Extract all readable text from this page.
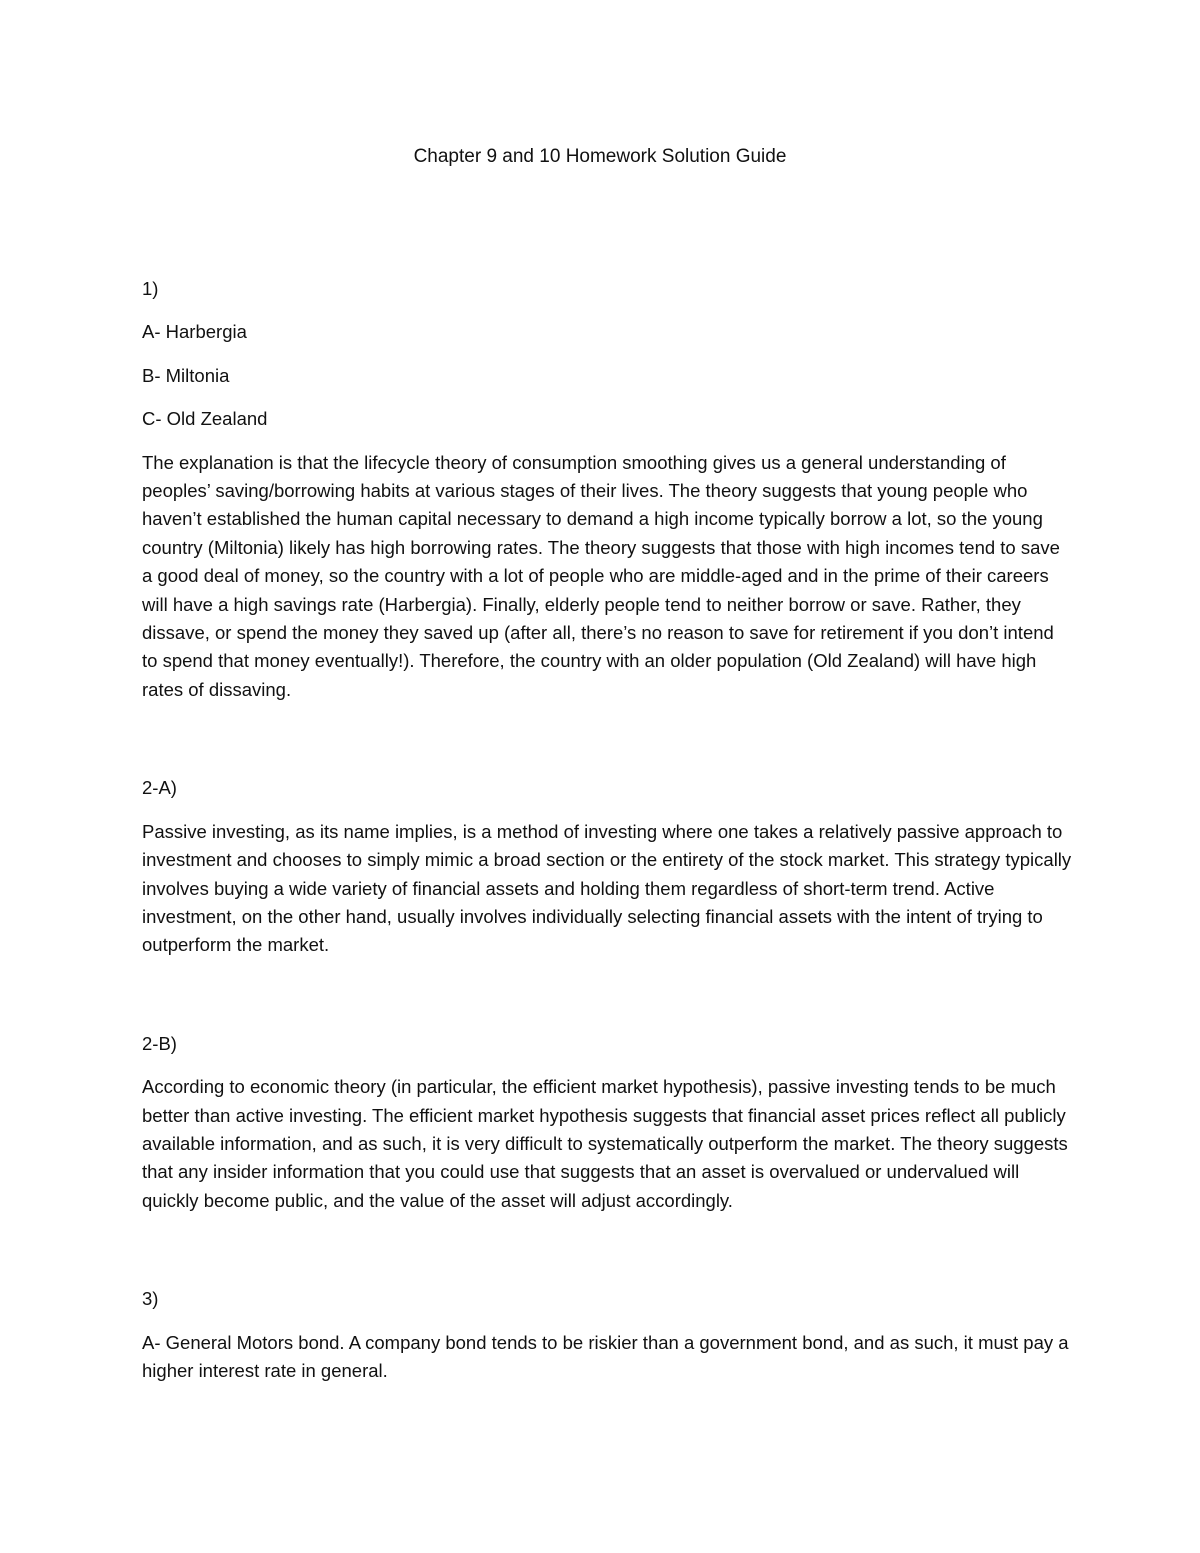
Chapter 9 and 10 Homework Solution Guide

1)

A- Harbergia

B- Miltonia

C- Old Zealand

The explanation is that the lifecycle theory of consumption smoothing gives us a general understanding of peoples’ saving/borrowing habits at various stages of their lives. The theory suggests that young people who haven’t established the human capital necessary to demand a high income typically borrow a lot, so the young country (Miltonia) likely has high borrowing rates. The theory suggests that those with high incomes tend to save a good deal of money, so the country with a lot of people who are middle-aged and in the prime of their careers will have a high savings rate (Harbergia). Finally, elderly people tend to neither borrow or save. Rather, they dissave, or spend the money they saved up (after all, there’s no reason to save for retirement if you don’t intend to spend that money eventually!). Therefore, the country with an older population (Old Zealand) will have high rates of dissaving.

2-A)

Passive investing, as its name implies, is a method of investing where one takes a relatively passive approach to investment and chooses to simply mimic a broad section or the entirety of the stock market. This strategy typically involves buying a wide variety of financial assets and holding them regardless of short-term trend. Active investment, on the other hand, usually involves individually selecting financial assets with the intent of trying to outperform the market.

2-B)

According to economic theory (in particular, the efficient market hypothesis), passive investing tends to be much better than active investing. The efficient market hypothesis suggests that financial asset prices reflect all publicly available information, and as such, it is very difficult to systematically outperform the market. The theory suggests that any insider information that you could use that suggests that an asset is overvalued or undervalued will quickly become public, and the value of the asset will adjust accordingly.

3)

A- General Motors bond. A company bond tends to be riskier than a government bond, and as such, it must pay a higher interest rate in general.
